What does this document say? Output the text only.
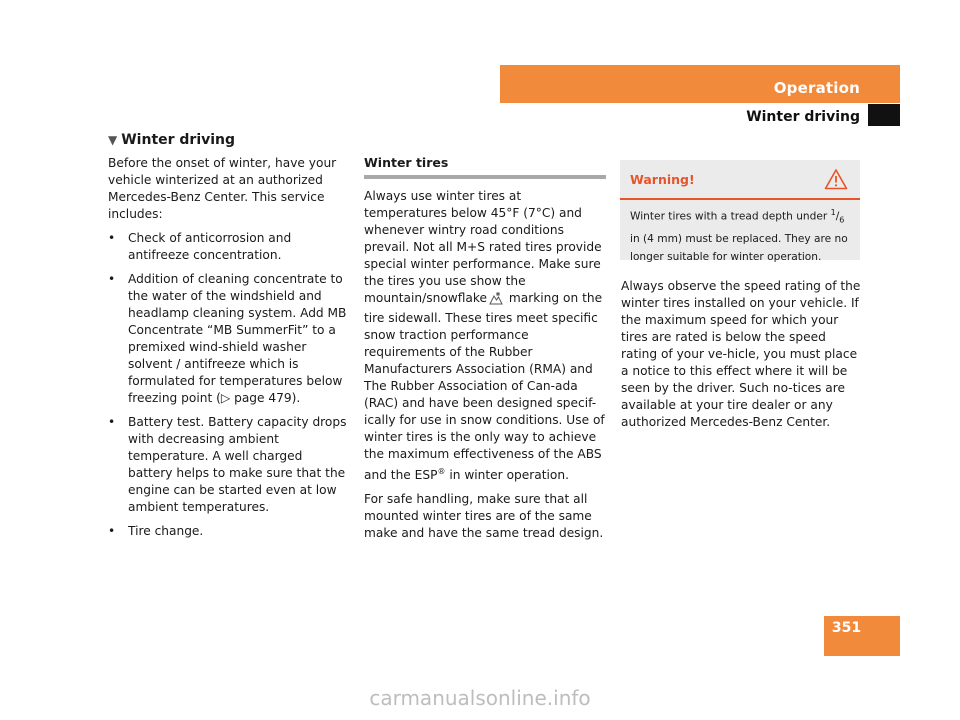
Operation
Winter driving
▼ Winter driving

Before the onset of winter, have your vehicle winterized at an authorized Mercedes-Benz Center. This service includes:

• Check of anticorrosion and antifreeze concentration.
• Addition of cleaning concentrate to the water of the windshield and headlamp cleaning system. Add MB Concentrate “MB SummerFit” to a premixed wind-shield washer solvent / antifreeze which is formulated for temperatures below freezing point (▷ page 479).
• Battery test. Battery capacity drops with decreasing ambient temperature. A well charged battery helps to make sure that the engine can be started even at low ambient temperatures.
• Tire change.
Winter tires

Always use winter tires at temperatures below 45°F (7°C) and whenever wintry road conditions prevail. Not all M+S rated tires provide special winter performance. Make sure the tires you use show the mountain/snowflake marking on the tire sidewall. These tires meet specific snow traction performance requirements of the Rubber Manufacturers Association (RMA) and The Rubber Association of Can-ada (RAC) and have been designed specif-ically for use in snow conditions. Use of winter tires is the only way to achieve the maximum effectiveness of the ABS and the ESP® in winter operation.

For safe handling, make sure that all mounted winter tires are of the same make and have the same tread design.

Warning!
Winter tires with a tread depth under $^1/_6$ in (4 mm) must be replaced. They are no longer suitable for winter operation.

Always observe the speed rating of the winter tires installed on your vehicle. If the maximum speed for which your tires are rated is below the speed rating of your ve-hicle, you must place a notice to this effect where it will be seen by the driver. Such no-tices are available at your tire dealer or any authorized Mercedes-Benz Center.

351
carmanualsonline.info
